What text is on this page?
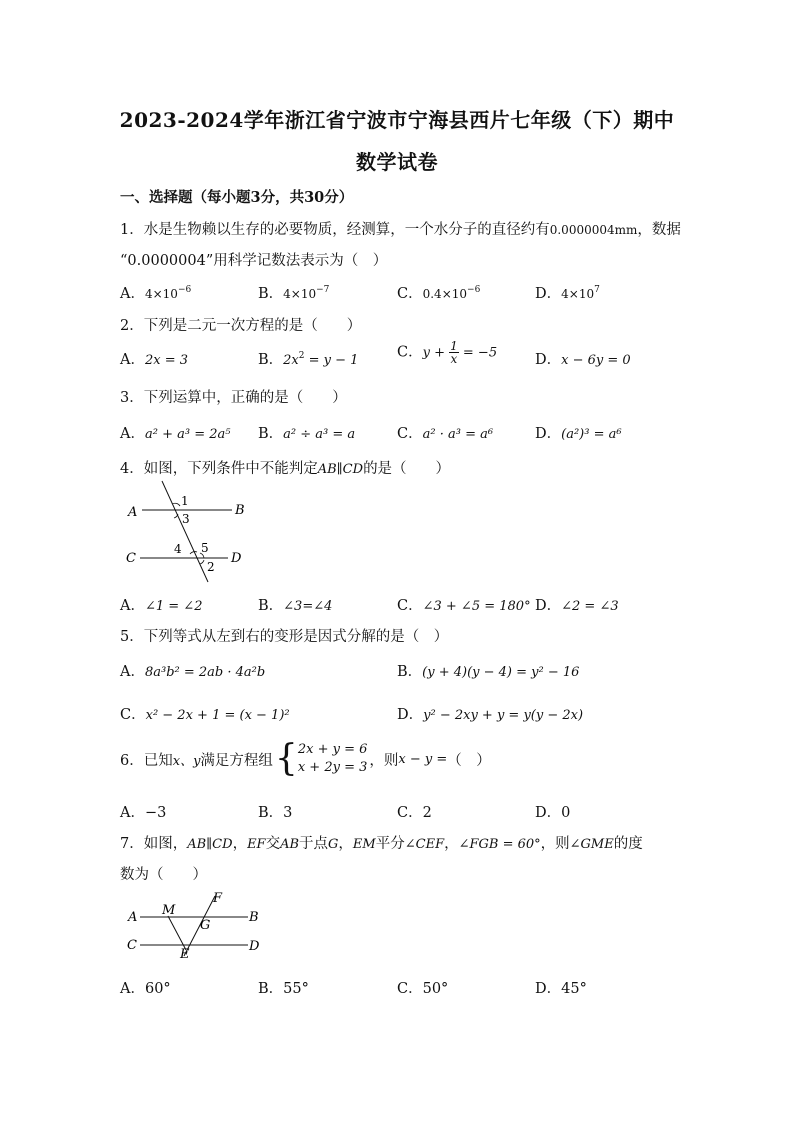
2023-2024学年浙江省宁波市宁海县西片七年级（下）期中
数学试卷
一、选择题（每小题3分，共30分）
1．水是生物赖以生存的必要物质，经测算，一个水分子的直径约有0.0000004mm，数据
“0.0000004”用科学记数法表示为（　）
A．$4\times 10^{-6}$	B．$4\times 10^{-7}$	C．$0.4\times 10^{-6}$	D．$4\times 10^7$
2．下列是二元一次方程的是（　　）
A．2x = 3	B．$2x^2 = y - 1$	C．$y + \frac{1}{x} = -5$	D．x − 6y = 0
3．下列运算中，正确的是（　　）
A．a² + a³ = 2a⁵ B．a² ÷ a³ = a	C．a² · a³ = a⁶	D．(a²)³ = a⁶
4．如图，下列条件中不能判定AB∥CD的是（　　）
A	B
C	D
1
3
4 5
2
A．∠1 = ∠2	B．∠3=∠4	C．∠3 + ∠5 = 180° D．∠2 = ∠3
5．下列等式从左到右的变形是因式分解的是（　）
A．8a³b² = 2ab · 4a²b	B．(y + 4)(y − 4) = y² − 16
C．x² − 2x + 1 = (x − 1)²	D．y² − 2xy + y = y(y − 2x)
6．已知 x、y 满足方程组 { 2x + y = 6
x + 2y = 3 ，则 x − y = （　）
A．−3	B．3	C．2	D．0
7．如图，AB∥CD，EF交AB于点G，EM平分∠CEF，∠FGB = 60°，则∠GME的度
数为（　　）
A	B
C	D
M
F
G
E
A．60°	B．55°	C．50°	D．45°
